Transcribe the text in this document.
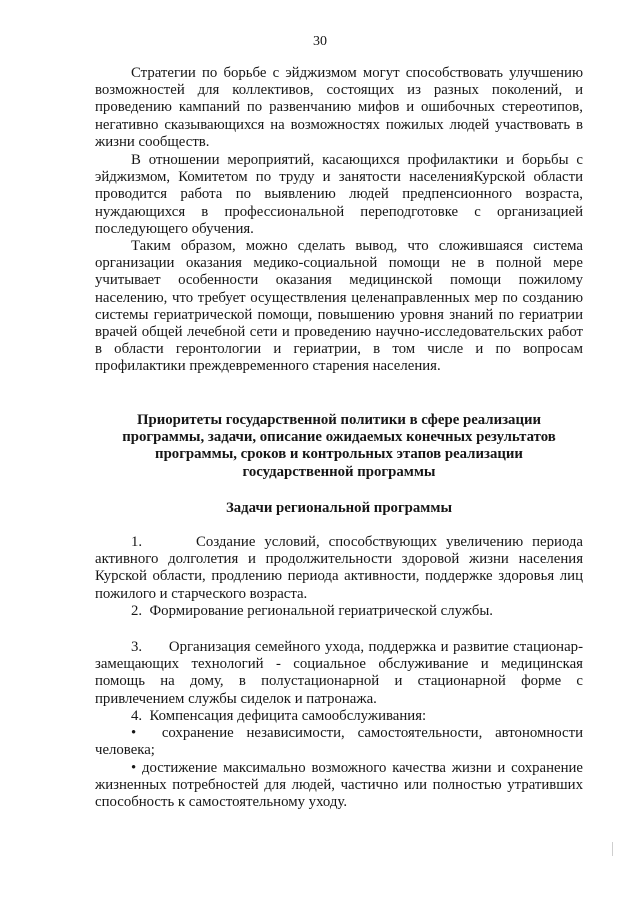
30

Стратегии по борьбе с эйджизмом могут способствовать улучшению возможностей для коллективов, состоящих из разных поколений, и проведению кампаний по развенчанию мифов и ошибочных стереотипов, негативно сказывающихся на возможностях пожилых людей участвовать в жизни сообществ.

В отношении мероприятий, касающихся профилактики и борьбы с эйджизмом, Комитетом по труду и занятости населенияКурской области проводится работа по выявлению людей предпенсионного возраста, нуждающихся в профессиональной переподготовке с организацией последующего обучения.

Таким образом, можно сделать вывод, что сложившаяся система организации оказания медико-социальной помощи не в полной мере учитывает особенности оказания медицинской помощи пожилому населению, что требует осуществления целенаправленных мер по созданию системы гериатрической помощи, повышению уровня знаний по гериатрии врачей общей лечебной сети и проведению научно-исследовательских работ в области геронтологии и гериатрии, в том числе и по вопросам профилактики преждевременного старения населения.

Приоритеты государственной политики в сфере реализации
программы, задачи, описание ожидаемых конечных результатов
программы, сроков и контрольных этапов реализации
государственной программы
Задачи региональной программы

1.      Создание условий, способствующих увеличению периода активного долголетия и продолжительности здоровой жизни населения Курской области, продлению периода активности, поддержке здоровья лиц пожилого и старческого возраста.

2.  Формирование региональной гериатрической службы.

3.      Организация семейного ухода, поддержка и развитие стационар-замещающих технологий - социальное обслуживание и медицинская помощь на дому, в полустационарной и стационарной форме с привлечением службы сиделок и патронажа.

4.  Компенсация дефицита самообслуживания:

•  сохранение независимости, самостоятельности, автономности человека;

• достижение максимально возможного качества жизни и сохранение жизненных потребностей для людей, частично или полностью утративших способность к самостоятельному уходу.
